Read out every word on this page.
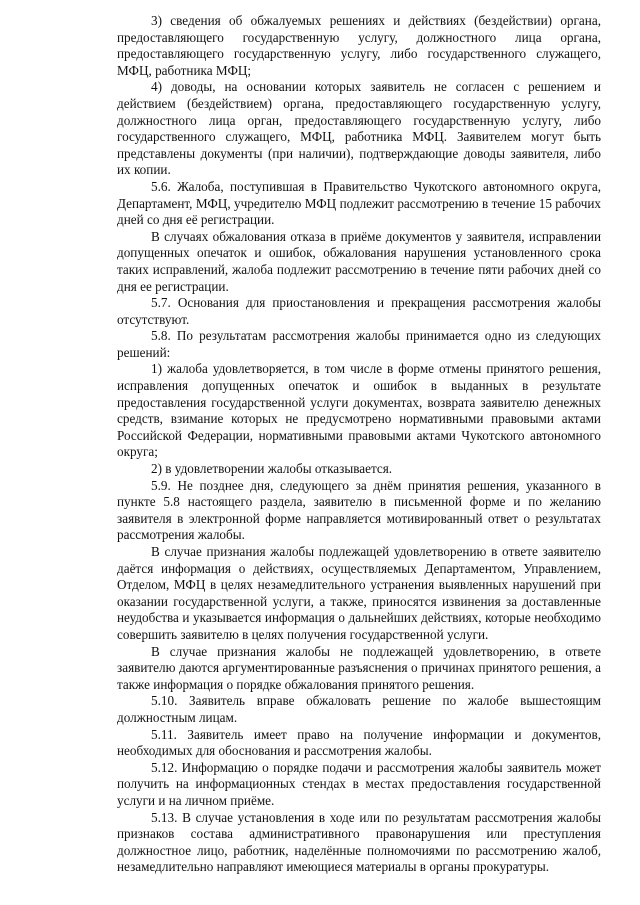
3) сведения об обжалуемых решениях и действиях (бездействии) органа, предоставляющего государственную услугу, должностного лица органа, предоставляющего государственную услугу, либо государственного служащего, МФЦ, работника МФЦ;

4) доводы, на основании которых заявитель не согласен с решением и действием (бездействием) органа, предоставляющего государственную услугу, должностного лица орган, предоставляющего государственную услугу, либо государственного служащего, МФЦ, работника МФЦ. Заявителем могут быть представлены документы (при наличии), подтверждающие доводы заявителя, либо их копии.

5.6. Жалоба, поступившая в Правительство Чукотского автономного округа, Департамент, МФЦ, учредителю МФЦ подлежит рассмотрению в течение 15 рабочих дней со дня её регистрации.

В случаях обжалования отказа в приёме документов у заявителя, исправлении допущенных опечаток и ошибок, обжалования нарушения установленного срока таких исправлений, жалоба подлежит рассмотрению в течение пяти рабочих дней со дня ее регистрации.

5.7. Основания для приостановления и прекращения рассмотрения жалобы отсутствуют.

5.8. По результатам рассмотрения жалобы принимается одно из следующих решений:

1) жалоба удовлетворяется, в том числе в форме отмены принятого решения, исправления допущенных опечаток и ошибок в выданных в результате предоставления государственной услуги документах, возврата заявителю денежных средств, взимание которых не предусмотрено нормативными правовыми актами Российской Федерации, нормативными правовыми актами Чукотского автономного округа;

2) в удовлетворении жалобы отказывается.

5.9. Не позднее дня, следующего за днём принятия решения, указанного в пункте 5.8 настоящего раздела, заявителю в письменной форме и по желанию заявителя в электронной форме направляется мотивированный ответ о результатах рассмотрения жалобы.

В случае признания жалобы подлежащей удовлетворению в ответе заявителю даётся информация о действиях, осуществляемых Департаментом, Управлением, Отделом, МФЦ в целях незамедлительного устранения выявленных нарушений при оказании государственной услуги, а также, приносятся извинения за доставленные неудобства и указывается информация о дальнейших действиях, которые необходимо совершить заявителю в целях получения государственной услуги.

В случае признания жалобы не подлежащей удовлетворению, в ответе заявителю даются аргументированные разъяснения о причинах принятого решения, а также информация о порядке обжалования принятого решения.

5.10. Заявитель вправе обжаловать решение по жалобе вышестоящим должностным лицам.

5.11. Заявитель имеет право на получение информации и документов, необходимых для обоснования и рассмотрения жалобы.

5.12. Информацию о порядке подачи и рассмотрения жалобы заявитель может получить на информационных стендах в местах предоставления государственной услуги и на личном приёме.

5.13. В случае установления в ходе или по результатам рассмотрения жалобы признаков состава административного правонарушения или преступления должностное лицо, работник, наделённые полномочиями по рассмотрению жалоб, незамедлительно направляют имеющиеся материалы в органы прокуратуры.
